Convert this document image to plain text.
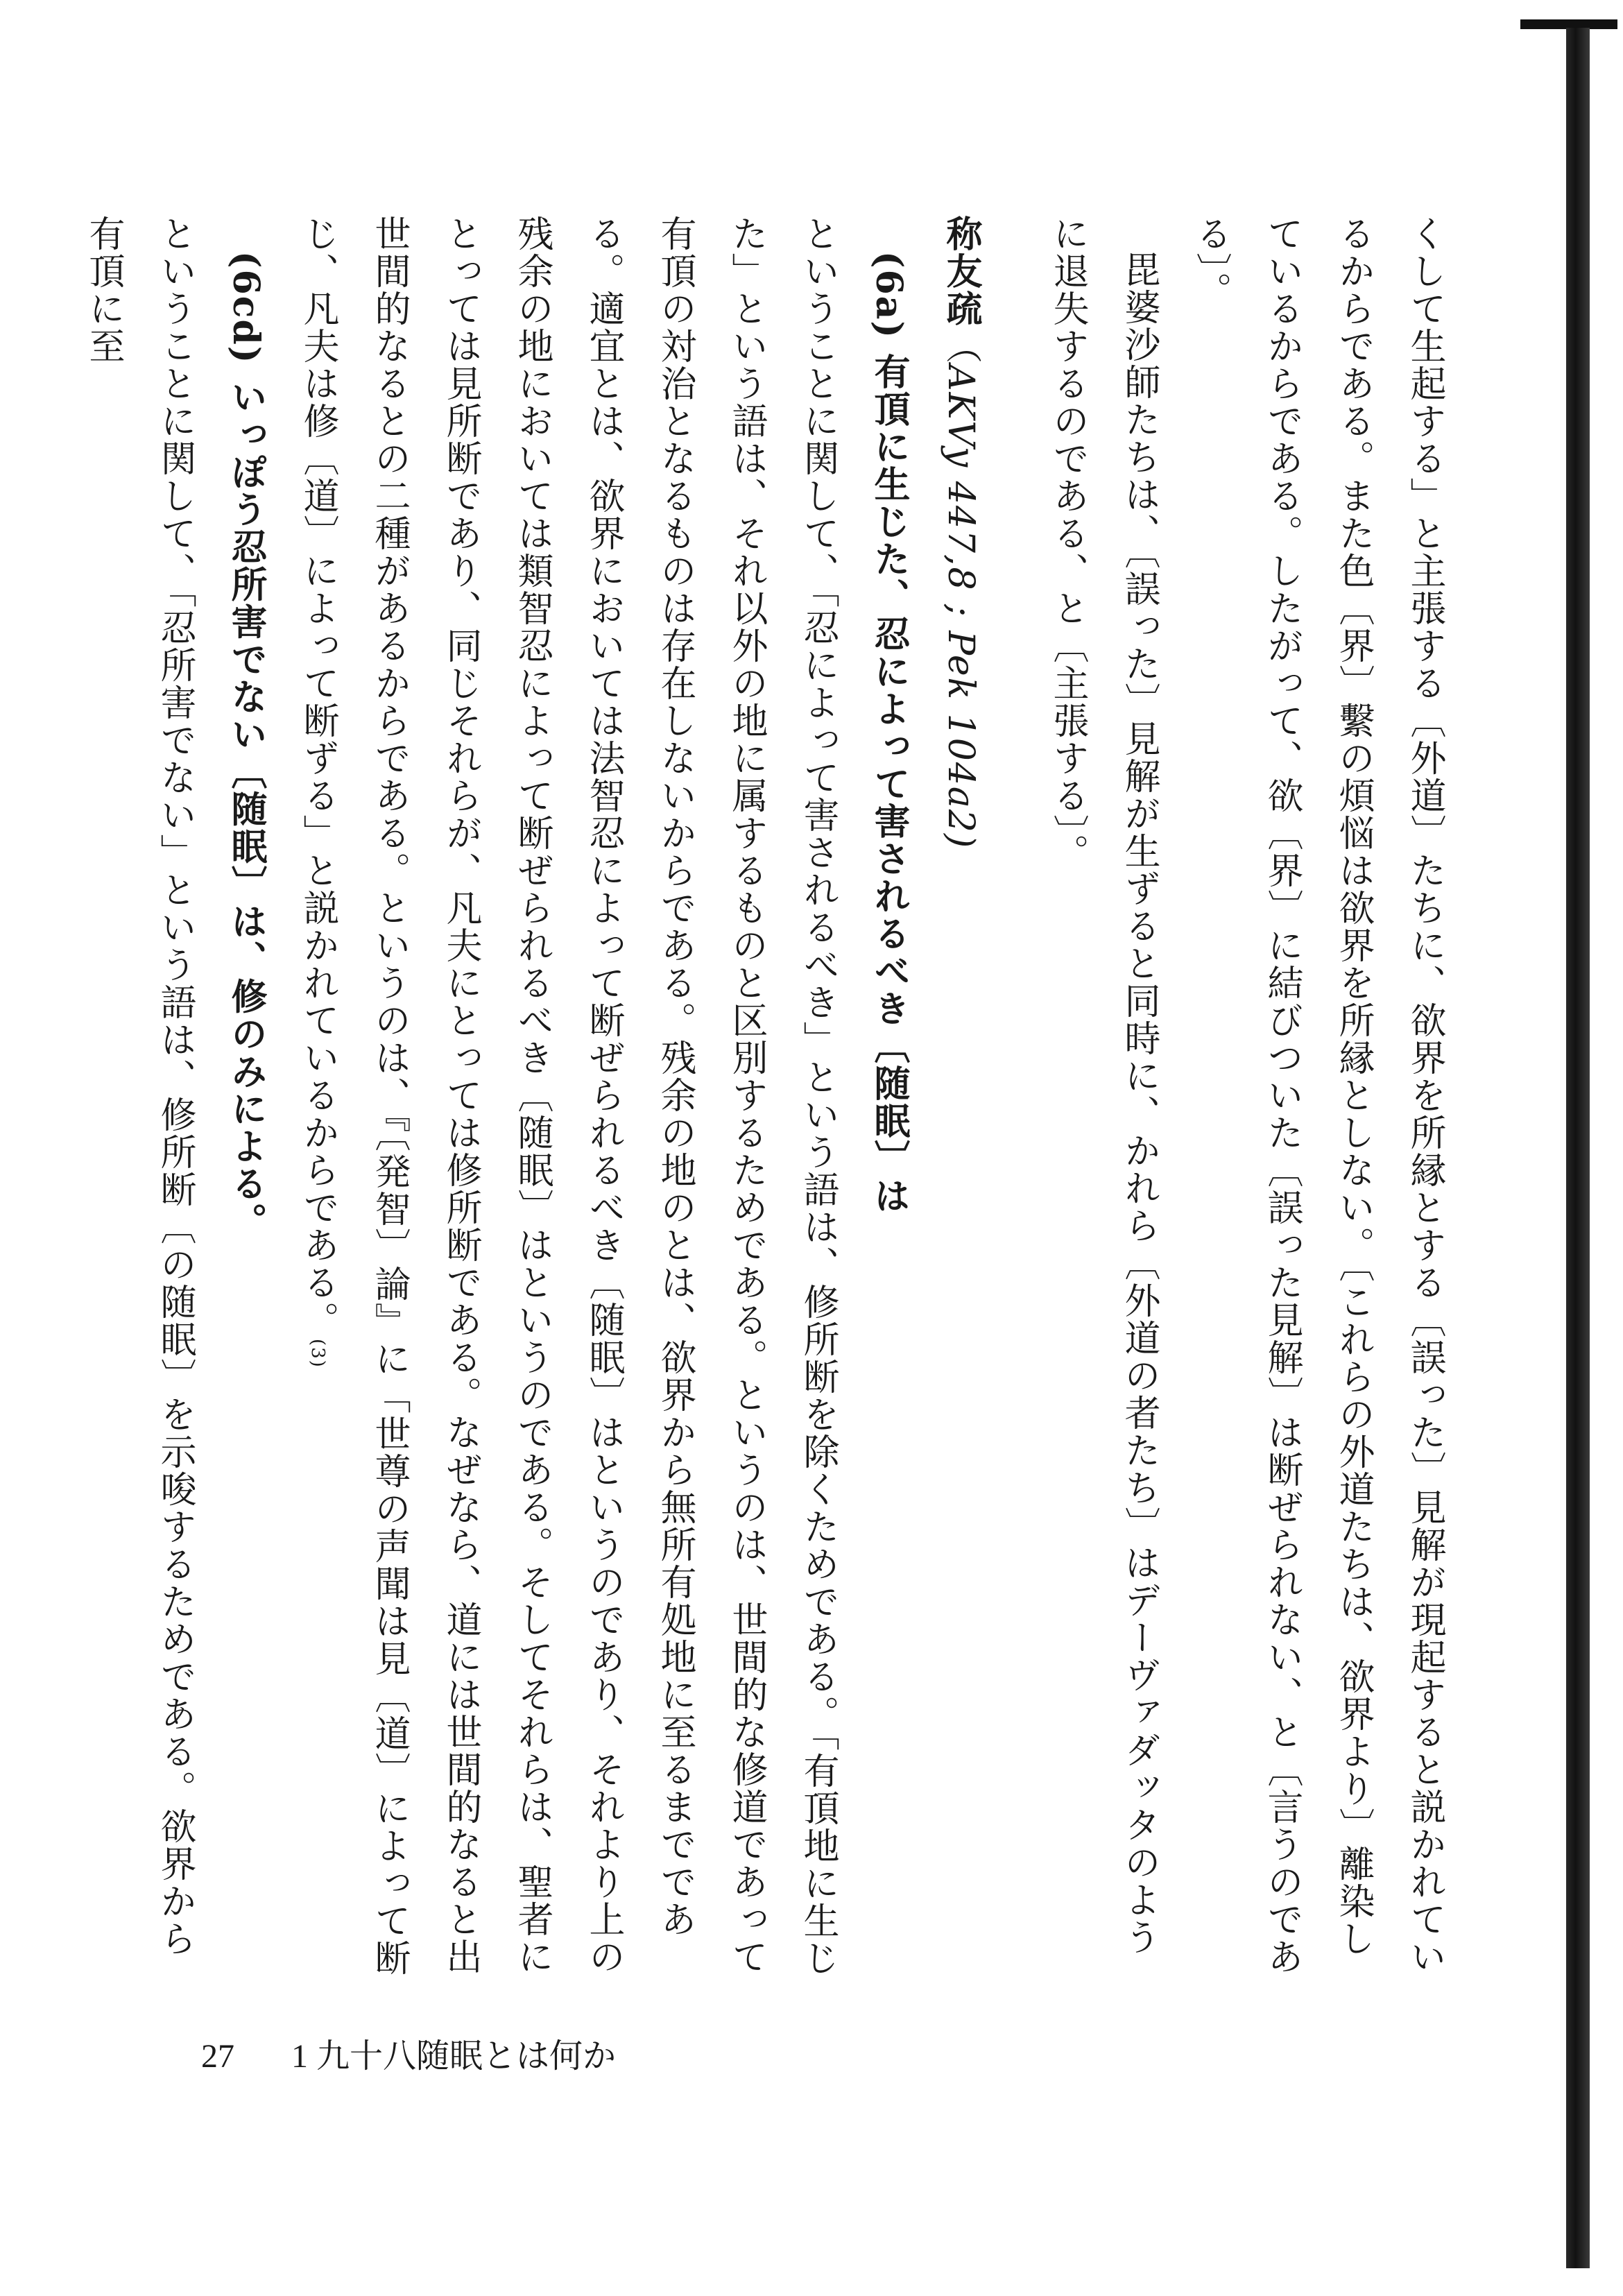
くして生起する」と主張する〔外道〕たちに、欲界を所縁とする〔誤った〕見解が現起すると説かれているからである。また色〔界〕繫の煩悩は欲界を所縁としない。〔これらの外道たちは、欲界より〕離染しているからである。したがって、欲〔界〕に結びついた〔誤った見解〕は断ぜられない、と〔言うのである〕。

毘婆沙師たちは、〔誤った〕見解が生ずると同時に、かれら〔外道の者たち〕はデーヴァダッタのように退失するのである、と〔主張する〕。

称友疏（AKVy 447,8 ; Pek 104a2)

(6a) 有頂に生じた、忍によって害されるべき〔随眠〕は

ということに関して、「忍によって害されるべき」という語は、修所断を除くためである。「有頂地に生じた」という語は、それ以外の地に属するものと区別するためである。というのは、世間的な修道であって有頂の対治となるものは存在しないからである。残余の地のとは、欲界から無所有処地に至るまでである。適宜とは、欲界においては法智忍によって断ぜられるべき〔随眠〕はというのであり、それより上の残余の地においては類智忍によって断ぜられるべき〔随眠〕はというのである。そしてそれらは、聖者にとっては見所断であり、同じそれらが、凡夫にとっては修所断である。なぜなら、道には世間的なると出世間的なるとの二種があるからである。というのは、『〔発智〕論』に「世尊の声聞は見〔道〕によって断じ、凡夫は修〔道〕によって断ずる」と説かれているからである。(3)

(6cd) いっぽう忍所害でない〔随眠〕は、修のみによる。

ということに関して、「忍所害でない」という語は、修所断〔の随眠〕を示唆するためである。欲界から有頂に至

27 1 九十八随眠とは何か
